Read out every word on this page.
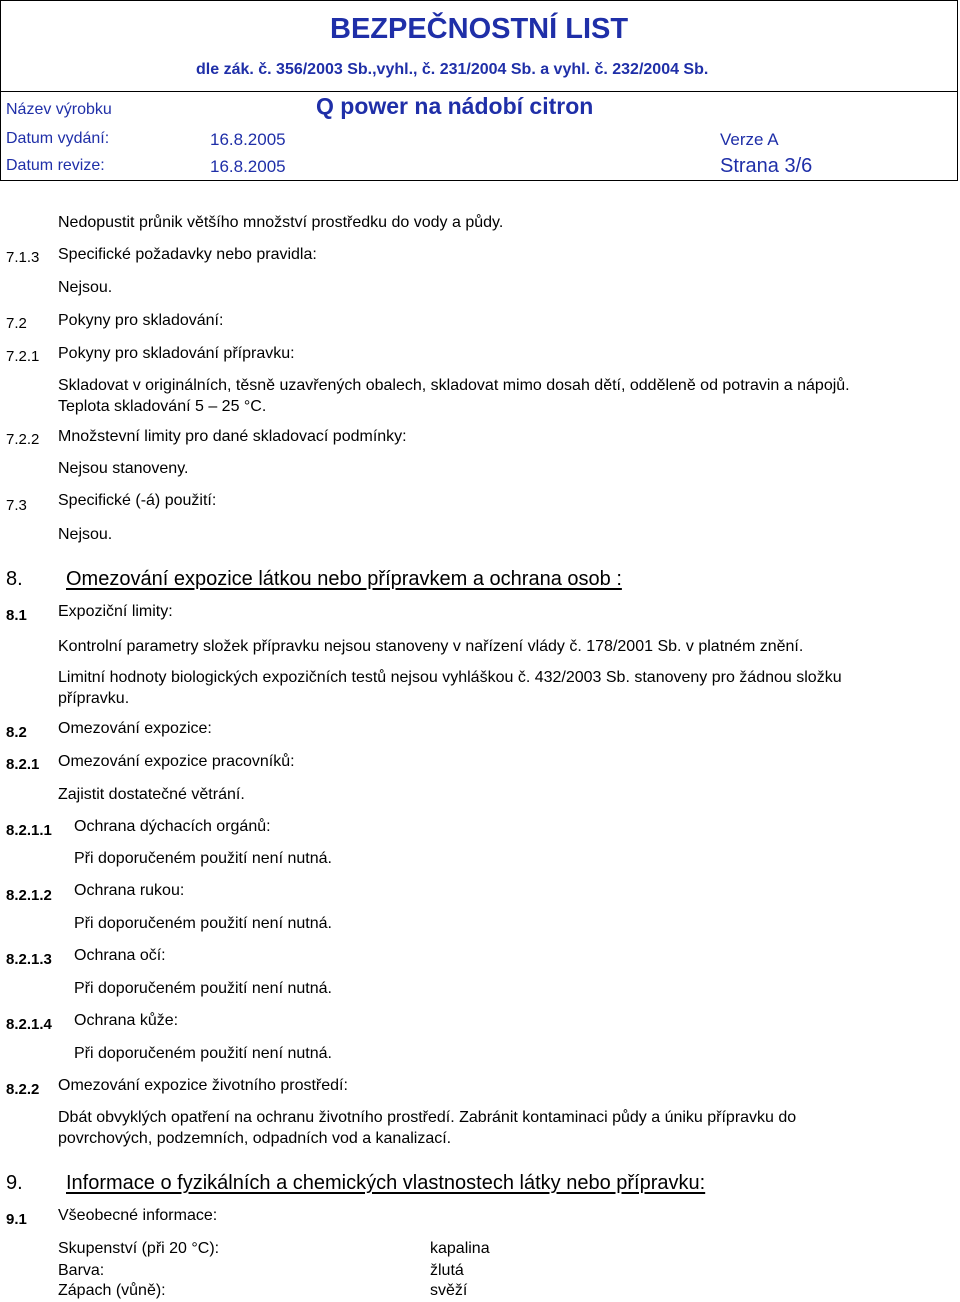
BEZPEČNOSTNÍ LIST
dle zák. č. 356/2003 Sb.,vyhl., č. 231/2004 Sb. a vyhl. č. 232/2004 Sb.
Název výrobku	Q power na nádobí citron
Datum vydání:	16.8.2005	Verze A
Datum revize:	16.8.2005	Strana 3/6
Nedopustit průnik většího množství prostředku do vody a půdy.
7.1.3 Specifické požadavky nebo pravidla:
Nejsou.
7.2 Pokyny pro skladování:
7.2.1 Pokyny pro skladování přípravku:
Skladovat v originálních, těsně uzavřených obalech, skladovat mimo dosah dětí, odděleně od potravin a nápojů.
Teplota skladování 5 – 25 °C.
7.2.2 Množstevní limity pro dané skladovací podmínky:
Nejsou stanoveny.
7.3 Specifické (-á) použití:
Nejsou.
8. Omezování expozice látkou nebo přípravkem a ochrana osob :
8.1 Expoziční limity:
Kontrolní parametry složek přípravku nejsou stanoveny v nařízení vlády č. 178/2001 Sb. v platném znění.
Limitní hodnoty biologických expozičních testů nejsou vyhláškou č. 432/2003 Sb. stanoveny pro žádnou složku
přípravku.
8.2 Omezování expozice:
8.2.1 Omezování expozice pracovníků:
Zajistit dostatečné větrání.
8.2.1.1 Ochrana dýchacích orgánů:
Při doporučeném použití není nutná.
8.2.1.2 Ochrana rukou:
Při doporučeném použití není nutná.
8.2.1.3 Ochrana očí:
Při doporučeném použití není nutná.
8.2.1.4 Ochrana kůže:
Při doporučeném použití není nutná.
8.2.2 Omezování expozice životního prostředí:
Dbát obvyklých opatření na ochranu životního prostředí. Zabránit kontaminaci půdy a úniku přípravku do
povrchových, podzemních, odpadních vod a kanalizací.
9. Informace o fyzikálních a chemických vlastnostech látky nebo přípravku:
9.1 Všeobecné informace:
Skupenství (při 20 °C):	kapalina
Barva:	žlutá
Zápach (vůně):	svěží
